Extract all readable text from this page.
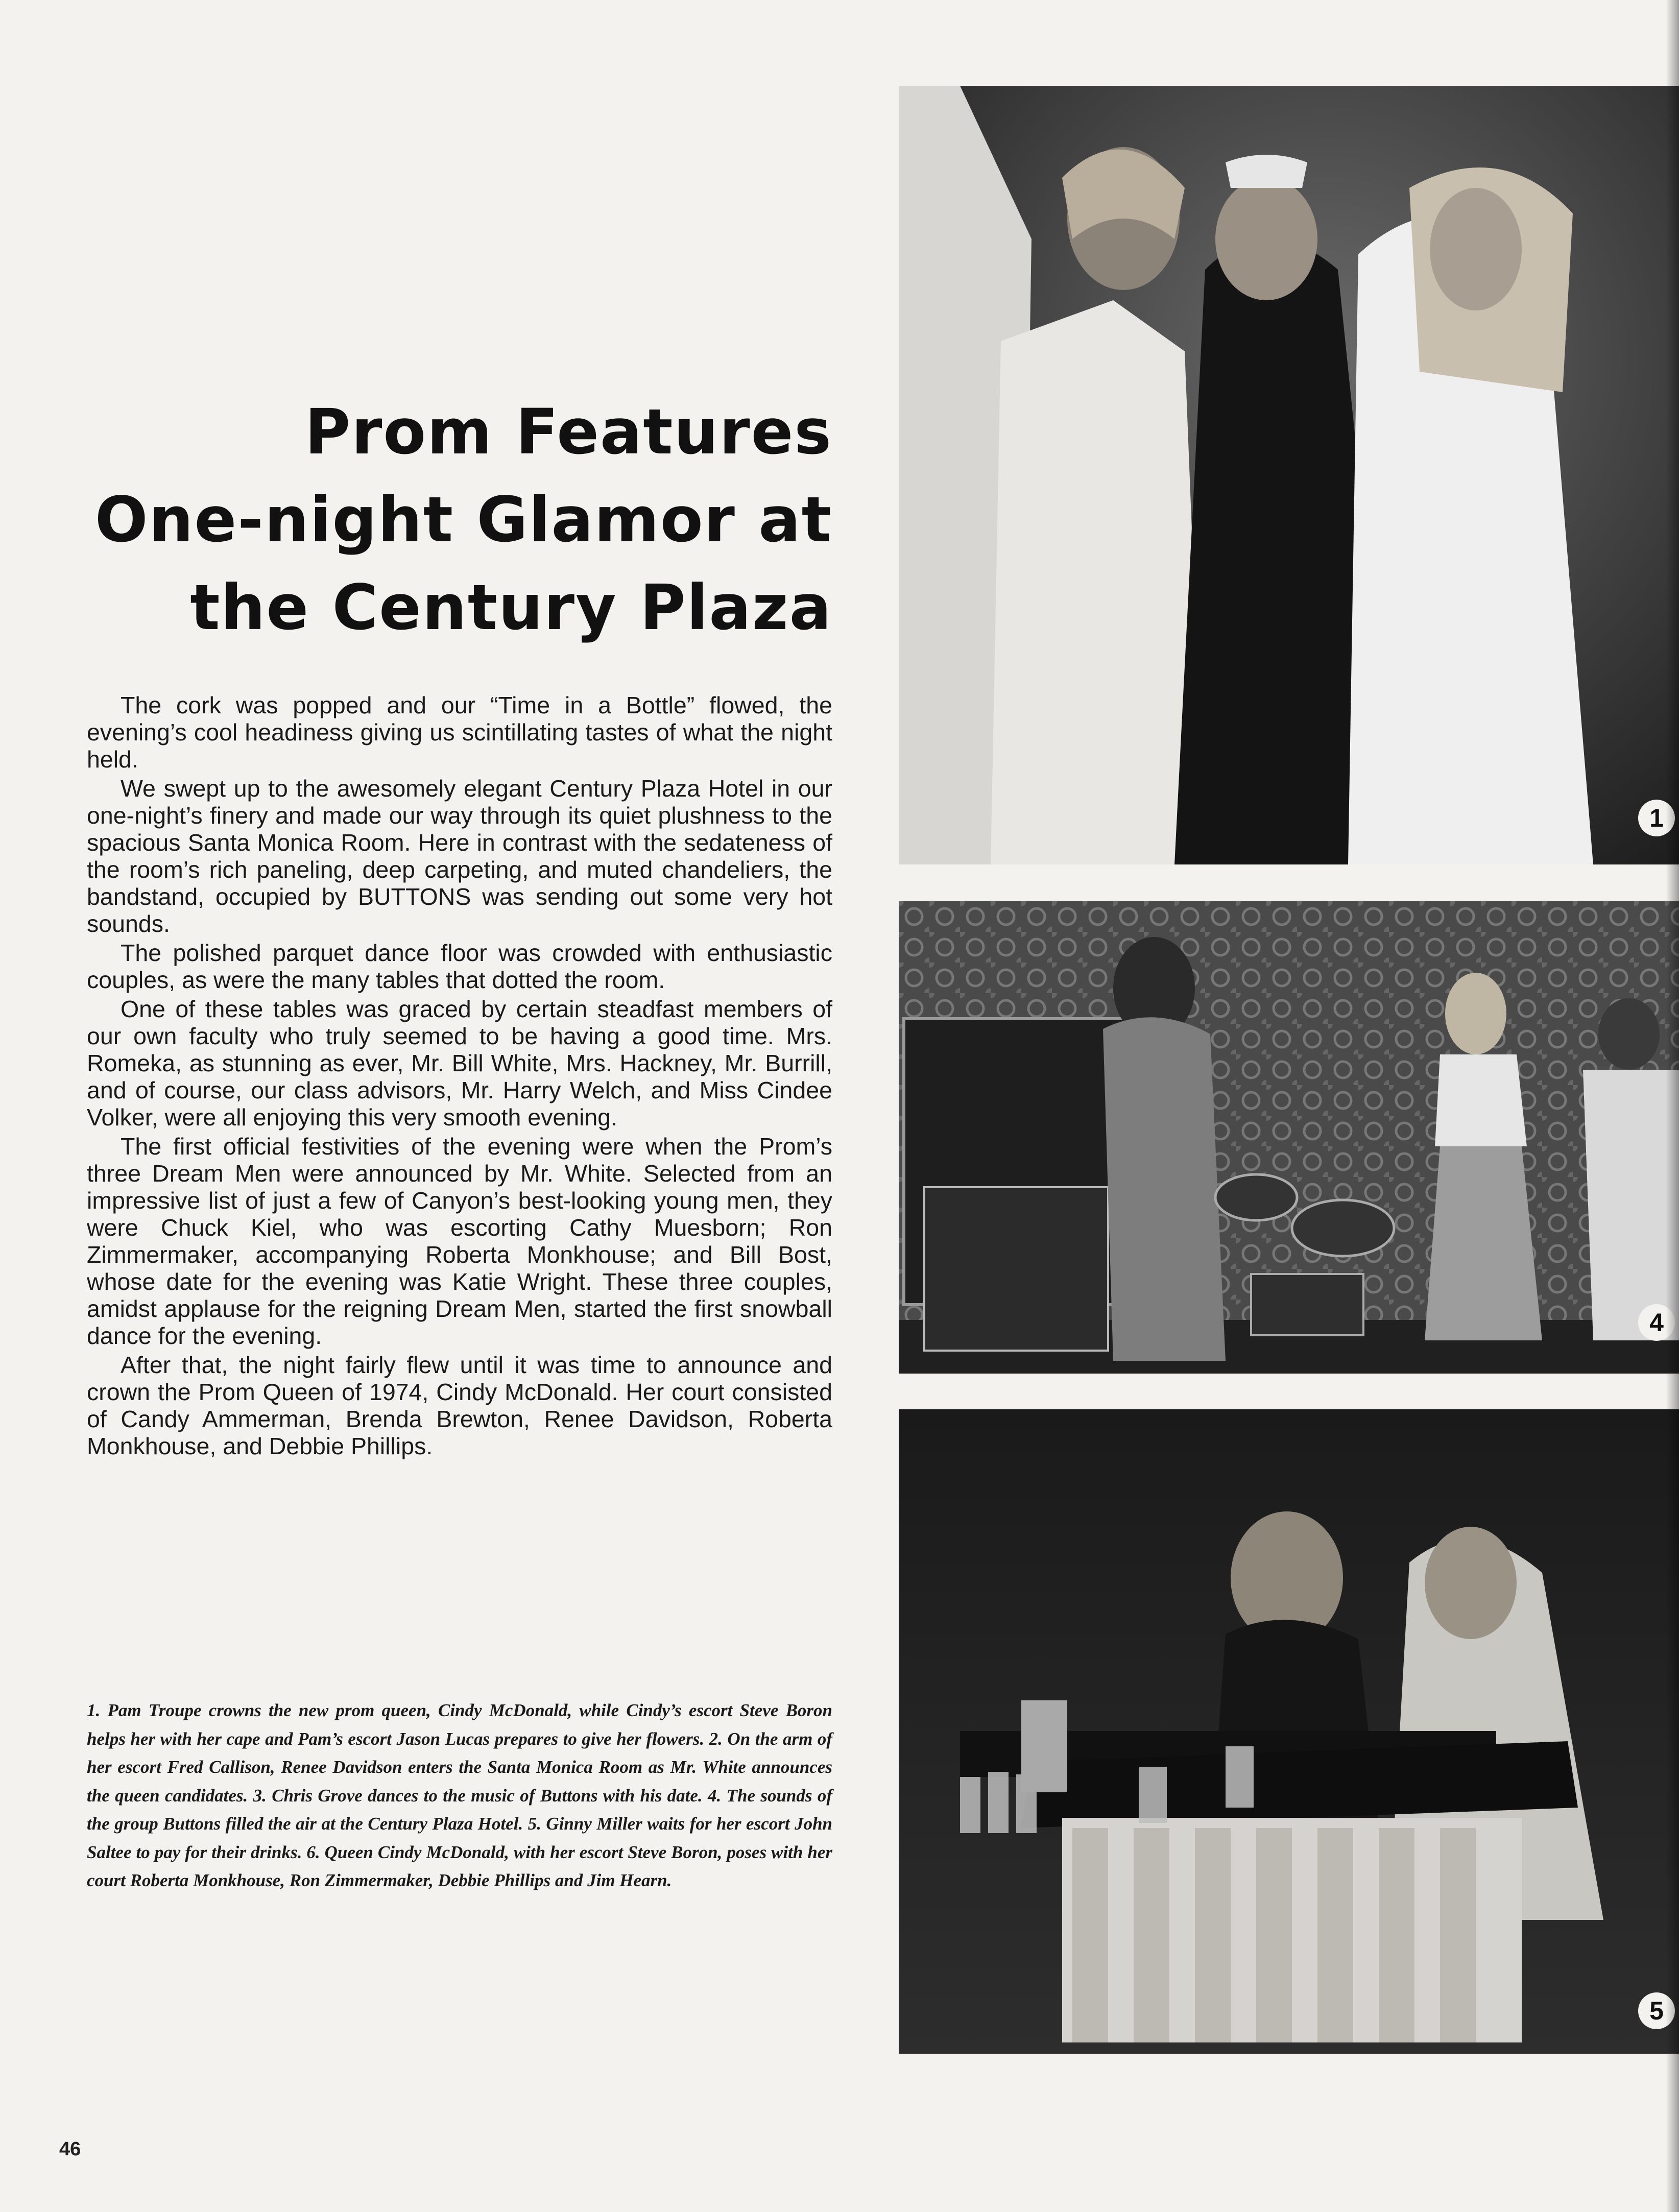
Prom Features
One-night Glamor at
the Century Plaza

The cork was popped and our “Time in a Bottle” flowed, the evening’s cool headiness giving us scintillating tastes of what the night held.

We swept up to the awesomely elegant Century Plaza Hotel in our one-night’s finery and made our way through its quiet plushness to the spacious Santa Monica Room. Here in contrast with the sedateness of the room’s rich paneling, deep carpeting, and muted chandeliers, the bandstand, occupied by BUTTONS was sending out some very hot sounds.

The polished parquet dance floor was crowded with enthusiastic couples, as were the many tables that dotted the room.

One of these tables was graced by certain steadfast members of our own faculty who truly seemed to be having a good time. Mrs. Romeka, as stunning as ever, Mr. Bill White, Mrs. Hackney, Mr. Burrill, and of course, our class advisors, Mr. Harry Welch, and Miss Cindee Volker, were all enjoying this very smooth evening.

The first official festivities of the evening were when the Prom’s three Dream Men were announced by Mr. White. Selected from an impressive list of just a few of Canyon’s best-looking young men, they were Chuck Kiel, who was escorting Cathy Muesborn; Ron Zimmermaker, accompanying Roberta Monkhouse; and Bill Bost, whose date for the evening was Katie Wright. These three couples, amidst applause for the reigning Dream Men, started the first snowball dance for the evening.

After that, the night fairly flew until it was time to announce and crown the Prom Queen of 1974, Cindy McDonald. Her court consisted of Candy Ammerman, Brenda Brewton, Renee Davidson, Roberta Monkhouse, and Debbie Phillips.

1. Pam Troupe crowns the new prom queen, Cindy McDonald, while Cindy’s escort Steve Boron helps her with her cape and Pam’s escort Jason Lucas prepares to give her flowers. 2. On the arm of her escort Fred Callison, Renee Davidson enters the Santa Monica Room as Mr. White announces the queen candidates. 3. Chris Grove dances to the music of Buttons with his date. 4. The sounds of the group Buttons filled the air at the Century Plaza Hotel. 5. Ginny Miller waits for her escort John Saltee to pay for their drinks. 6. Queen Cindy McDonald, with her escort Steve Boron, poses with her court Roberta Monkhouse, Ron Zimmermaker, Debbie Phillips and Jim Hearn.
46
1
4
5
